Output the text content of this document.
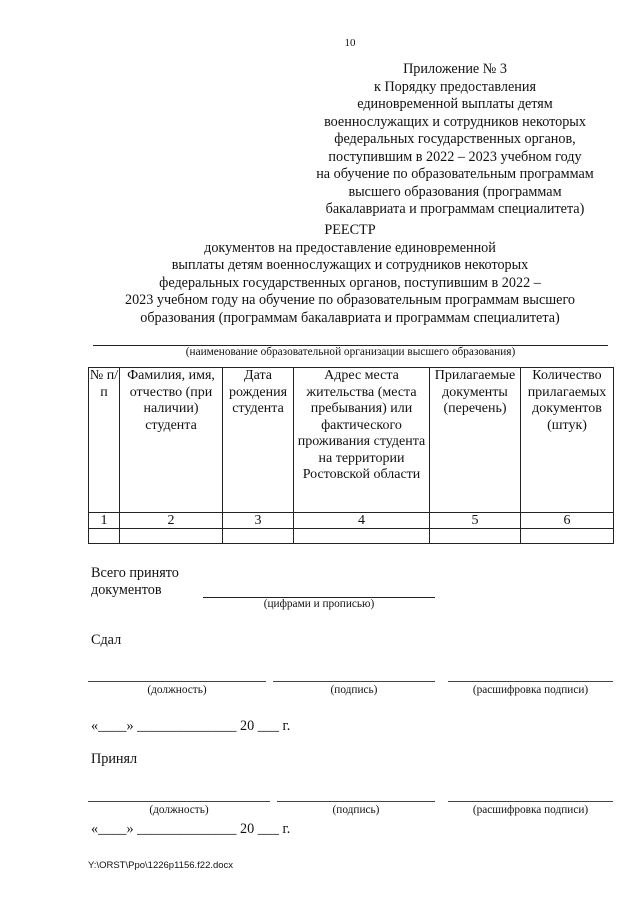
10
Приложение № 3
к Порядку предоставления
единовременной выплаты детям
военнослужащих и сотрудников некоторых
федеральных государственных органов,
поступившим в 2022 – 2023 учебном году
на обучение по образовательным программам
высшего образования (программам
бакалавриата и программам специалитета)
РЕЕСТР
документов на предоставление единовременной
выплаты детям военнослужащих и сотрудников некоторых
федеральных государственных органов, поступившим в 2022 –
2023 учебном году на обучение по образовательным программам высшего
образования (программам бакалавриата и программам специалитета)
(наименование образовательной организации высшего образования)
№ п/п	Фамилия, имя, отчество (при наличии) студента	Дата рождения студента	Адрес места жительства (места пребывания) или фактического проживания студента на территории Ростовской области	Прилагаемые документы (перечень)	Количество прилагаемых документов (штук)
1	2	3	4	5	6

Всего принято
документов
(цифрами и прописью)
Сдал
(должность)	(подпись)	(расшифровка подписи)
«____» ______________ 20 ___ г.
Принял
(должность)	(подпись)	(расшифровка подписи)
«____» ______________ 20 ___ г.
Y:\ORST\Ppo\1226p1156.f22.docx
